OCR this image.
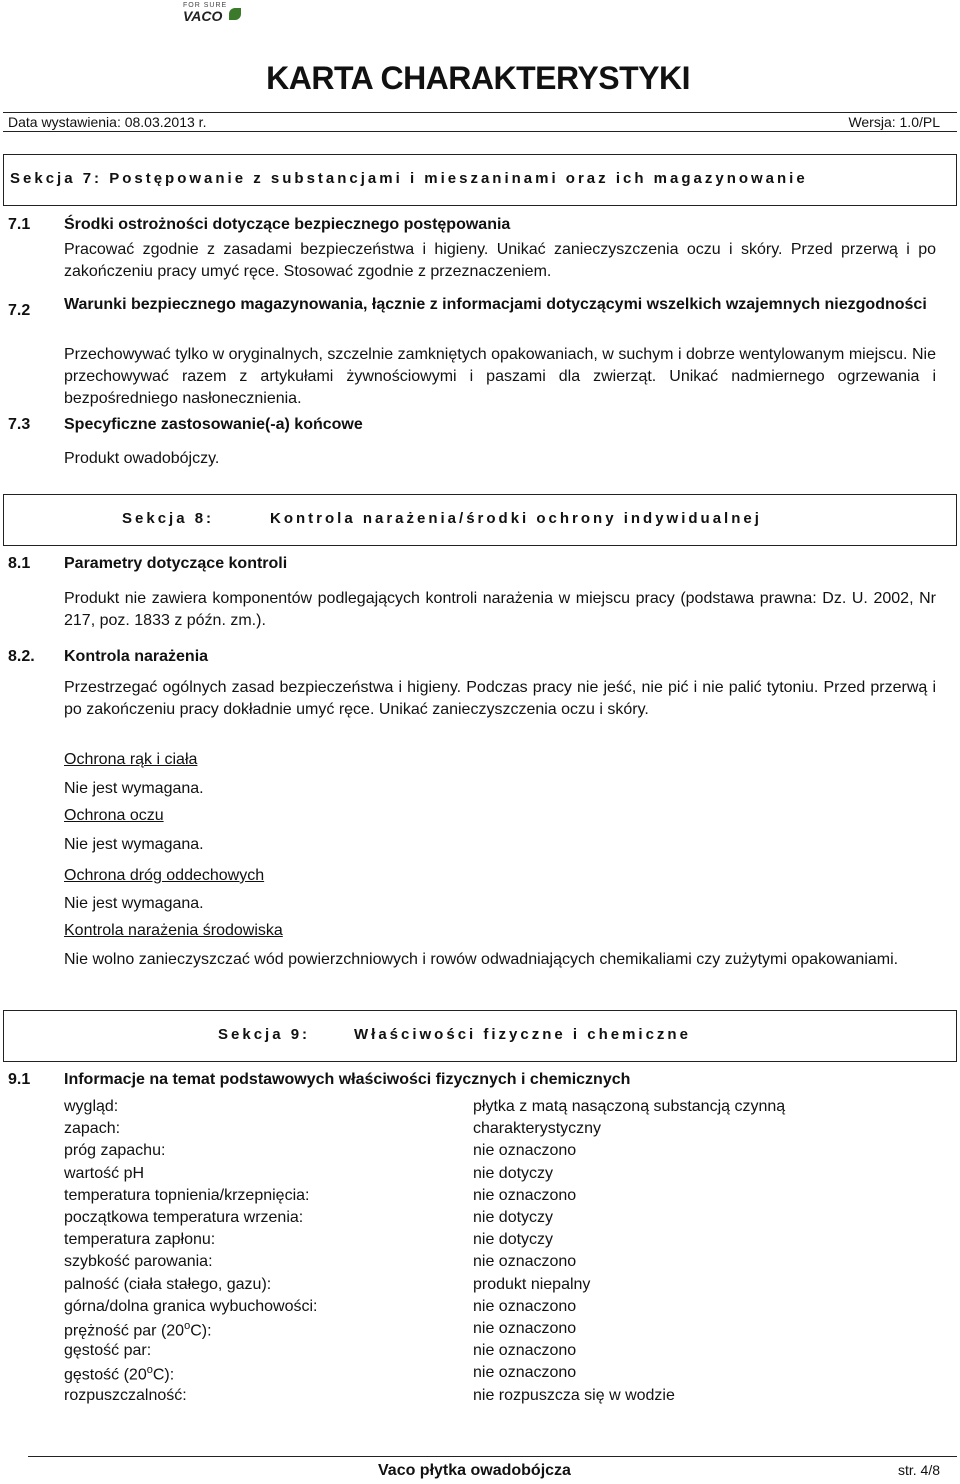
FOR SURE
VACO
KARTA CHARAKTERYSTYKI
Data wystawienia: 08.03.2013 r.	Wersja: 1.0/PL
Sekcja 7: Postępowanie z substancjami i mieszaninami oraz ich magazynowanie
7.1 Środki ostrożności dotyczące bezpiecznego postępowania
Pracować zgodnie z zasadami bezpieczeństwa i higieny. Unikać zanieczyszczenia oczu i skóry. Przed przerwą i po zakończeniu pracy umyć ręce. Stosować zgodnie z przeznaczeniem.
7.2 Warunki bezpiecznego magazynowania, łącznie z informacjami dotyczącymi wszelkich wzajemnych niezgodności
Przechowywać tylko w oryginalnych, szczelnie zamkniętych opakowaniach, w suchym i dobrze wentylowanym miejscu. Nie przechowywać razem z artykułami żywnościowymi i paszami dla zwierząt. Unikać nadmiernego ogrzewania i bezpośredniego nasłonecznienia.
7.3 Specyficzne zastosowanie(-a) końcowe
Produkt owadobójczy.
Sekcja 8:	Kontrola narażenia/środki ochrony indywidualnej
8.1 Parametry dotyczące kontroli
Produkt nie zawiera komponentów podlegających kontroli narażenia w miejscu pracy (podstawa prawna: Dz. U. 2002, Nr 217, poz. 1833 z późn. zm.).
8.2. Kontrola narażenia
Przestrzegać ogólnych zasad bezpieczeństwa i higieny. Podczas pracy nie jeść, nie pić i nie palić tytoniu. Przed przerwą i po zakończeniu pracy dokładnie umyć ręce. Unikać zanieczyszczenia oczu i skóry.
Ochrona rąk i ciała
Nie jest wymagana.
Ochrona oczu
Nie jest wymagana.
Ochrona dróg oddechowych
Nie jest wymagana.
Kontrola narażenia środowiska
Nie wolno zanieczyszczać wód powierzchniowych i rowów odwadniających chemikaliami czy zużytymi opakowaniami.
Sekcja 9:	Właściwości fizyczne i chemiczne
9.1 Informacje na temat podstawowych właściwości fizycznych i chemicznych
wygląd:	płytka z matą nasączoną substancją czynną
zapach:	charakterystyczny
próg zapachu:	nie oznaczono
wartość pH	nie dotyczy
temperatura topnienia/krzepnięcia:	nie oznaczono
początkowa temperatura wrzenia:	nie dotyczy
temperatura zapłonu:	nie dotyczy
szybkość parowania:	nie oznaczono
palność (ciała stałego, gazu):	produkt niepalny
górna/dolna granica wybuchowości:	nie oznaczono
prężność par (20$^o$C):	nie oznaczono
gęstość par:	nie oznaczono
gęstość (20$^o$C):	nie oznaczono
rozpuszczalność:	nie rozpuszcza się w wodzie
Vaco płytka owadobójcza	str. 4/8
